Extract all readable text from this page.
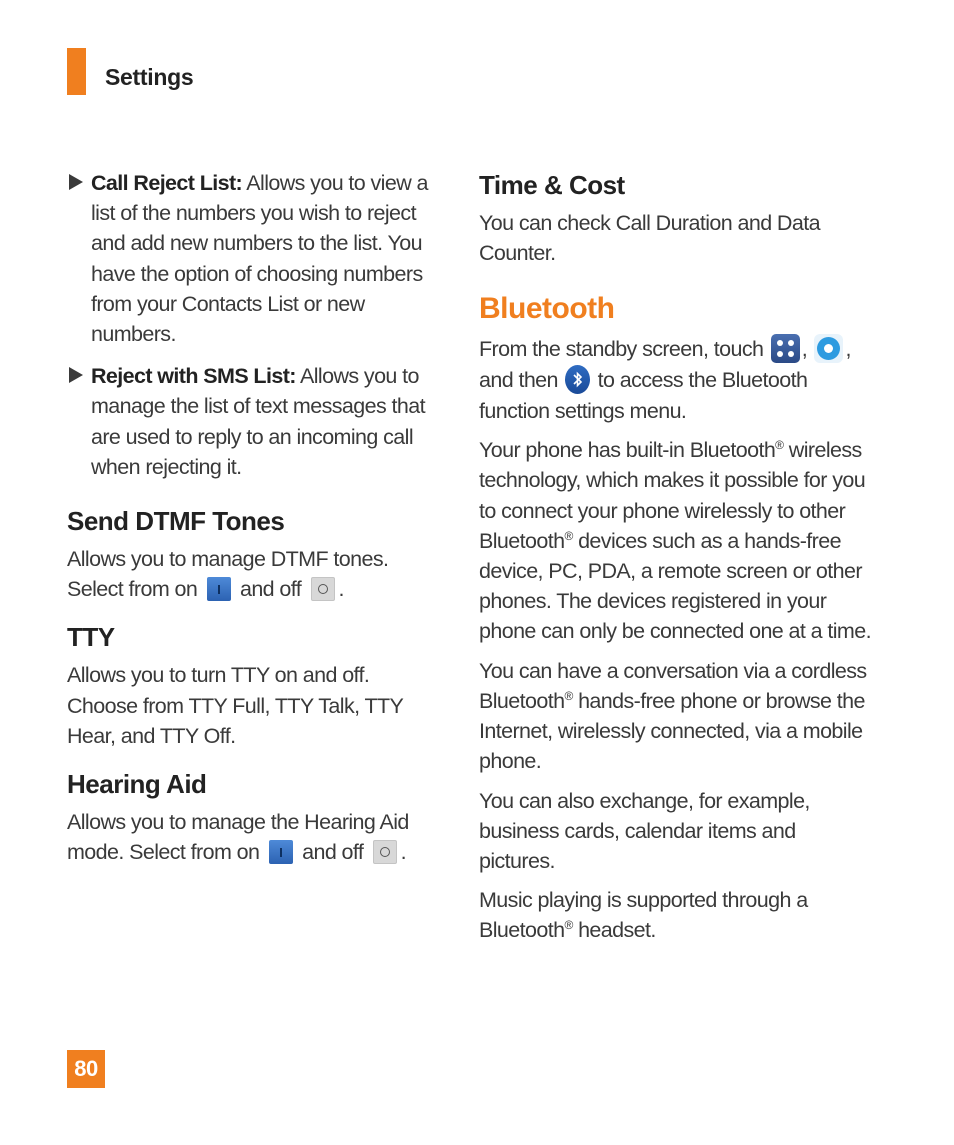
Settings
Call Reject List: Allows you to view a list of the numbers you wish to reject and add new numbers to the list. You have the option of choosing numbers from your Contacts List or new numbers.
Reject with SMS List: Allows you to manage the list of text messages that are used to reply to an incoming call when rejecting it.
Send DTMF Tones

Allows you to manage DTMF tones. Select from on and off .

TTY

Allows you to turn TTY on and off. Choose from TTY Full, TTY Talk, TTY Hear, and TTY Off.

Hearing Aid

Allows you to manage the Hearing Aid mode. Select from on and off .

Time & Cost

You can check Call Duration and Data Counter.

Bluetooth

From the standby screen, touch , , and then to access the Bluetooth function settings menu.

Your phone has built-in Bluetooth® wireless technology, which makes it possible for you to connect your phone wirelessly to other Bluetooth® devices such as a hands-free device, PC, PDA, a remote screen or other phones. The devices registered in your phone can only be connected one at a time.

You can have a conversation via a cordless Bluetooth® hands-free phone or browse the Internet, wirelessly connected, via a mobile phone.

You can also exchange, for example, business cards, calendar items and pictures.

Music playing is supported through a Bluetooth® headset.

80
